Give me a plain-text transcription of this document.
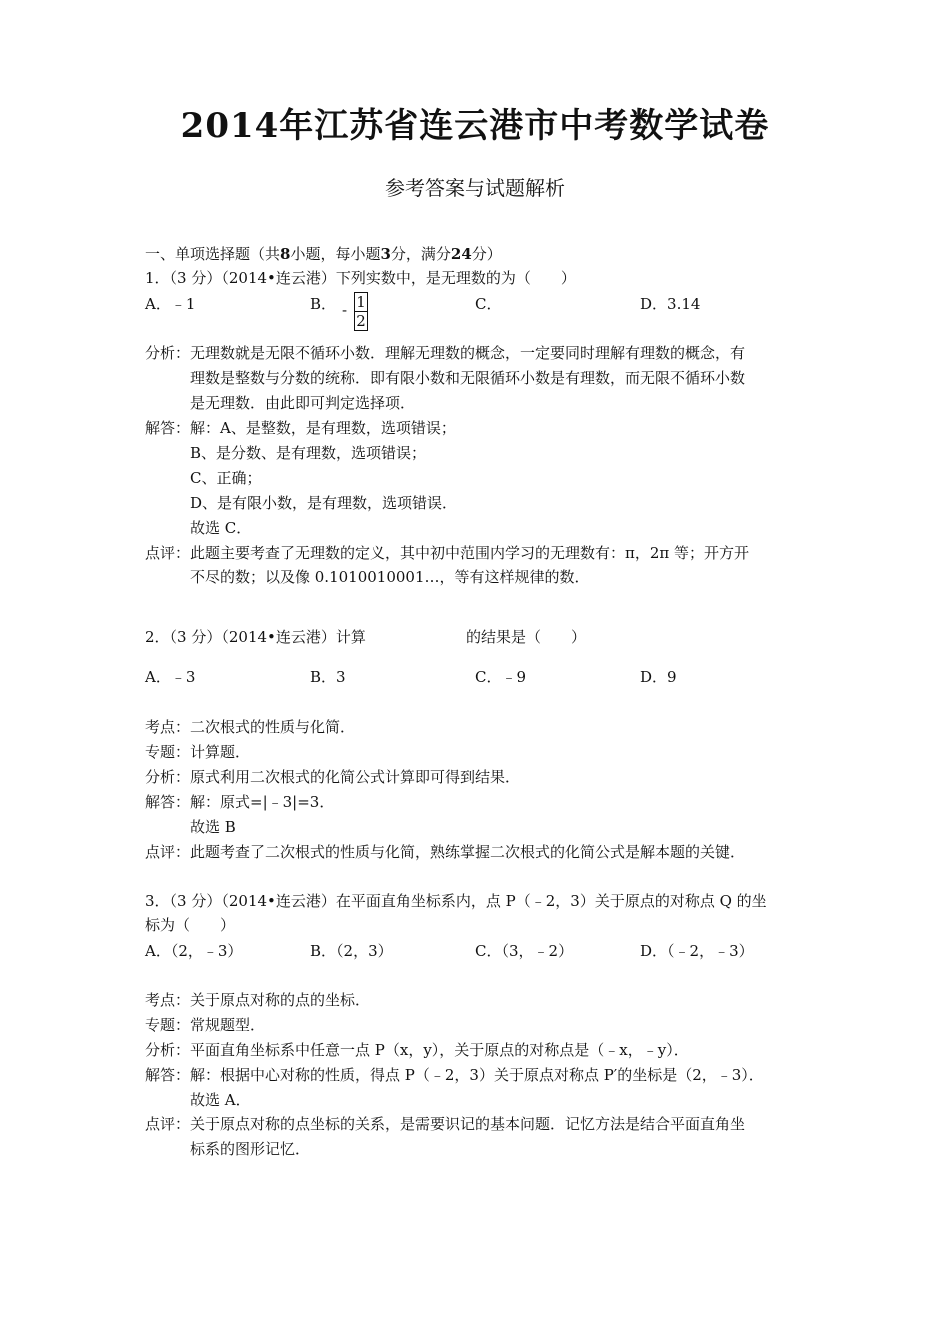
2014年江苏省连云港市中考数学试卷
参考答案与试题解析
一、单项选择题（共8小题，每小题3分，满分24分）
1．（3 分）（2014•连云港）下列实数中，是无理数的为（　　）
A．﹣1	B． - $\frac{1}{2}$	C．	D．3.14
分析：无理数就是无限不循环小数．理解无理数的概念，一定要同时理解有理数的概念，有
理数是整数与分数的统称．即有限小数和无限循环小数是有理数，而无限不循环小数
是无理数．由此即可判定选择项．
解答：解：A、是整数，是有理数，选项错误；
B、是分数、是有理数，选项错误；
C、正确；
D、是有限小数，是有理数，选项错误．
故选 C．
点评：此题主要考查了无理数的定义，其中初中范围内学习的无理数有：π，2π 等；开方开
不尽的数；以及像 0.1010010001…，等有这样规律的数．
2．（3 分）（2014•连云港）计算	的结果是（　　）
A．﹣3	B．3	C．﹣9	D．9
考点：二次根式的性质与化简．
专题：计算题．
分析：原式利用二次根式的化简公式计算即可得到结果．
解答：解：原式=|﹣3|=3．
故选 B
点评：此题考查了二次根式的性质与化简，熟练掌握二次根式的化简公式是解本题的关键．
3．（3 分）（2014•连云港）在平面直角坐标系内，点 P（﹣2，3）关于原点的对称点 Q 的坐
标为（　　）
A．（2，﹣3）	B．（2，3）	C．（3，﹣2）	D．（﹣2，﹣3）
考点：关于原点对称的点的坐标．
专题：常规题型．
分析：平面直角坐标系中任意一点 P（x，y），关于原点的对称点是（﹣x，﹣y）．
解答：解：根据中心对称的性质，得点 P（﹣2，3）关于原点对称点 P′的坐标是（2，﹣3）．
故选 A．
点评：关于原点对称的点坐标的关系，是需要识记的基本问题．记忆方法是结合平面直角坐
标系的图形记忆．
